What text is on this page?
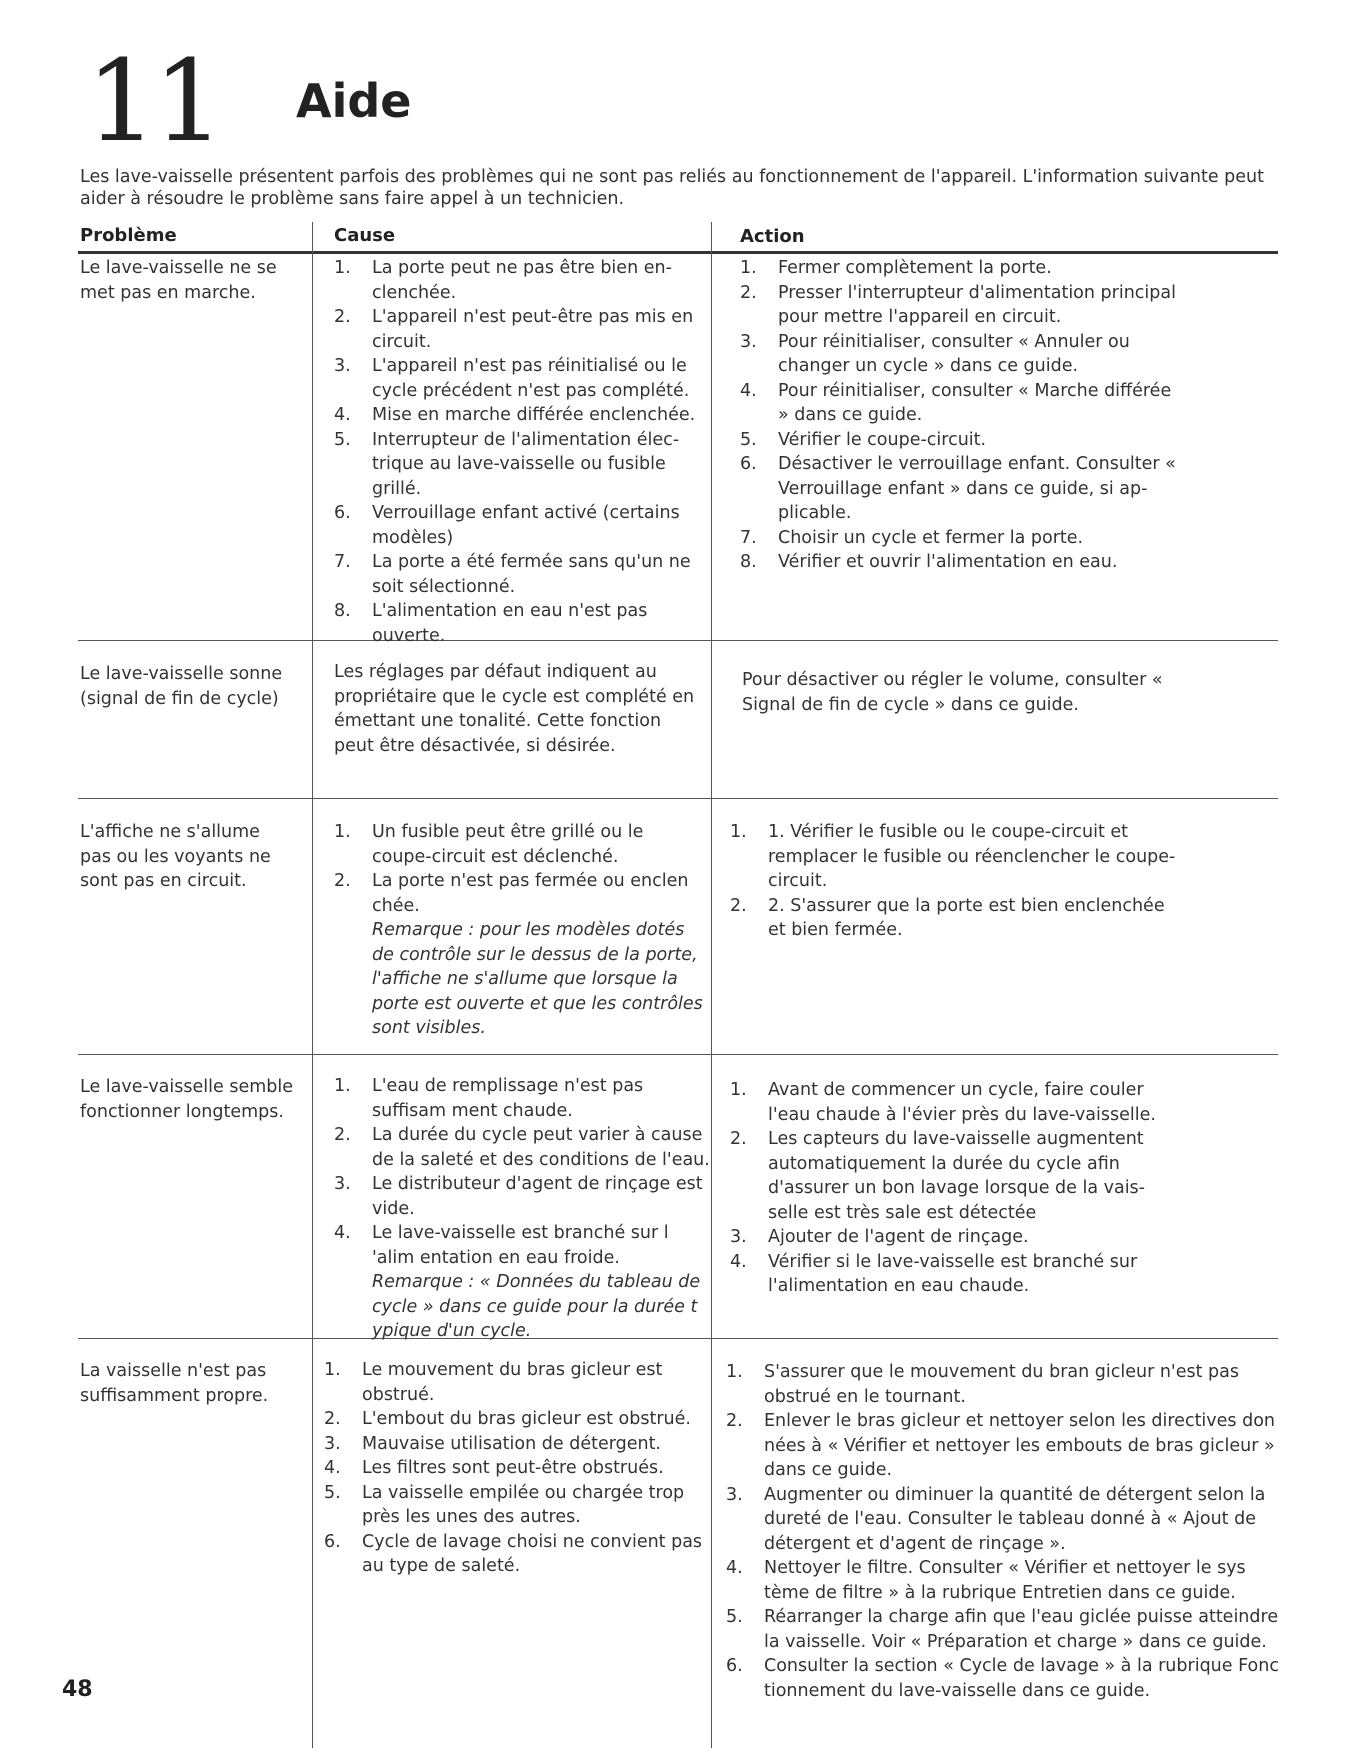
11 Aide
Les lave-vaisselle présentent parfois des problèmes qui ne sont pas reliés au fonctionnement de l'appareil. L'information suivante peut aider à résoudre le problème sans faire appel à un technicien.
Problème	Cause	Action
Le lave-vaisselle ne se met pas en marche.
1. La porte peut ne pas être bien en-clenchée.
2. L'appareil n'est peut-être pas mis en circuit.
3. L'appareil n'est pas réinitialisé ou le cycle précédent n'est pas complété.
4. Mise en marche différée enclenchée.
5. Interrupteur de l'alimentation élec-trique au lave-vaisselle ou fusible grillé.
6. Verrouillage enfant activé (certains modèles)
7. La porte a été fermée sans qu'un ne soit sélectionné.
8. L'alimentation en eau n'est pas ouverte.
1. Fermer complètement la porte.
2. Presser l'interrupteur d'alimentation principal pour mettre l'appareil en circuit.
3. Pour réinitialiser, consulter « Annuler ou changer un cycle » dans ce guide.
4. Pour réinitialiser, consulter « Marche différée » dans ce guide.
5. Vérifier le coupe-circuit.
6. Désactiver le verrouillage enfant. Consulter « Verrouillage enfant » dans ce guide, si ap-plicable.
7. Choisir un cycle et fermer la porte.
8. Vérifier et ouvrir l'alimentation en eau.
Le lave-vaisselle sonne (signal de fin de cycle)
Les réglages par défaut indiquent au propriétaire que le cycle est complété en émettant une tonalité. Cette fonction peut être désactivée, si désirée.
Pour désactiver ou régler le volume, consulter « Signal de fin de cycle » dans ce guide.
L'affiche ne s'allume pas ou les voyants ne sont pas en circuit.
1. Un fusible peut être grillé ou le coupe-circuit est déclenché.
2. La porte n'est pas fermée ou enclen chée.
Remarque : pour les modèles dotés de contrôle sur le dessus de la porte, l'affiche ne s'allume que lorsque la porte est ouverte et que les contrôles sont visibles.
1. 1. Vérifier le fusible ou le coupe-circuit et remplacer le fusible ou réenclencher le coupe-circuit.
2. 2. S'assurer que la porte est bien enclenchée et bien fermée.
Le lave-vaisselle semble fonctionner longtemps.
1. L'eau de remplissage n'est pas suffisam ment chaude.
2. La durée du cycle peut varier à cause de la saleté et des conditions de l'eau.
3. Le distributeur d'agent de rinçage est vide.
4. Le lave-vaisselle est branché sur l 'alim entation en eau froide.
Remarque : « Données du tableau de cycle » dans ce guide pour la durée t ypique d'un cycle.
1. Avant de commencer un cycle, faire couler l'eau chaude à l'évier près du lave-vaisselle.
2. Les capteurs du lave-vaisselle augmentent automatiquement la durée du cycle afin d'assurer un bon lavage lorsque de la vais-selle est très sale est détectée
3. Ajouter de l'agent de rinçage.
4. Vérifier si le lave-vaisselle est branché sur l'alimentation en eau chaude.
La vaisselle n'est pas suffisamment propre.
1. Le mouvement du bras gicleur est obstrué.
2. L'embout du bras gicleur est obstrué.
3. Mauvaise utilisation de détergent.
4. Les filtres sont peut-être obstrués.
5. La vaisselle empilée ou chargée trop près les unes des autres.
6. Cycle de lavage choisi ne convient pas au type de saleté.
1. S'assurer que le mouvement du bran gicleur n'est pas obstrué en le tournant.
2. Enlever le bras gicleur et nettoyer selon les directives don nées à « Vérifier et nettoyer les embouts de bras gicleur » dans ce guide.
3. Augmenter ou diminuer la quantité de détergent selon la dureté de l'eau. Consulter le tableau donné à « Ajout de détergent et d'agent de rinçage ».
4. Nettoyer le filtre. Consulter « Vérifier et nettoyer le sys tème de filtre » à la rubrique Entretien dans ce guide.
5. Réarranger la charge afin que l'eau giclée puisse atteindre la vaisselle. Voir « Préparation et charge » dans ce guide.
6. Consulter la section « Cycle de lavage » à la rubrique Fonc tionnement du lave-vaisselle dans ce guide.
48
